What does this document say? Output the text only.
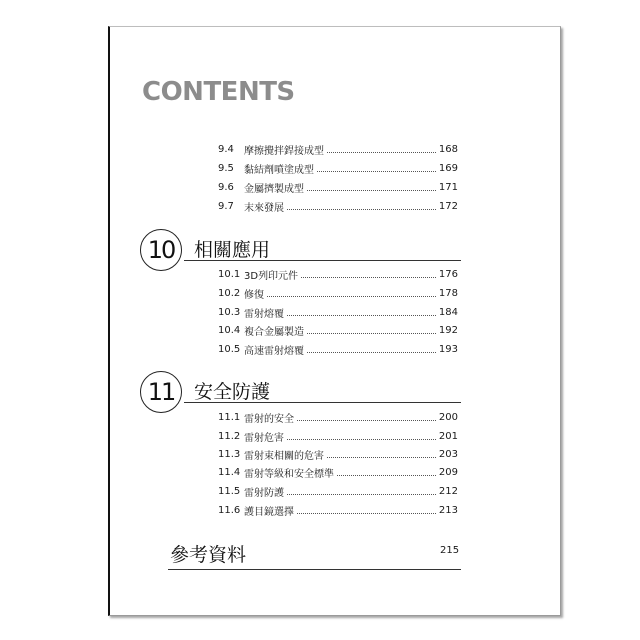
CONTENTS
9.4	摩擦攪拌銲接成型	168
9.5	黏結劑噴塗成型	169
9.6	金屬擠製成型	171
9.7	末來發展	172
10	相關應用
10.1 3D列印元件	176
10.2 修復	178
10.3 雷射熔覆	184
10.4 複合金屬製造	192
10.5 高速雷射熔覆	193
11	安全防護
11.1 雷射的安全	200
11.2 雷射危害	201
11.3 雷射束相關的危害	203
11.4 雷射等級和安全標準	209
11.5 雷射防護	212
11.6 護目鏡選擇	213
參考資料	215
